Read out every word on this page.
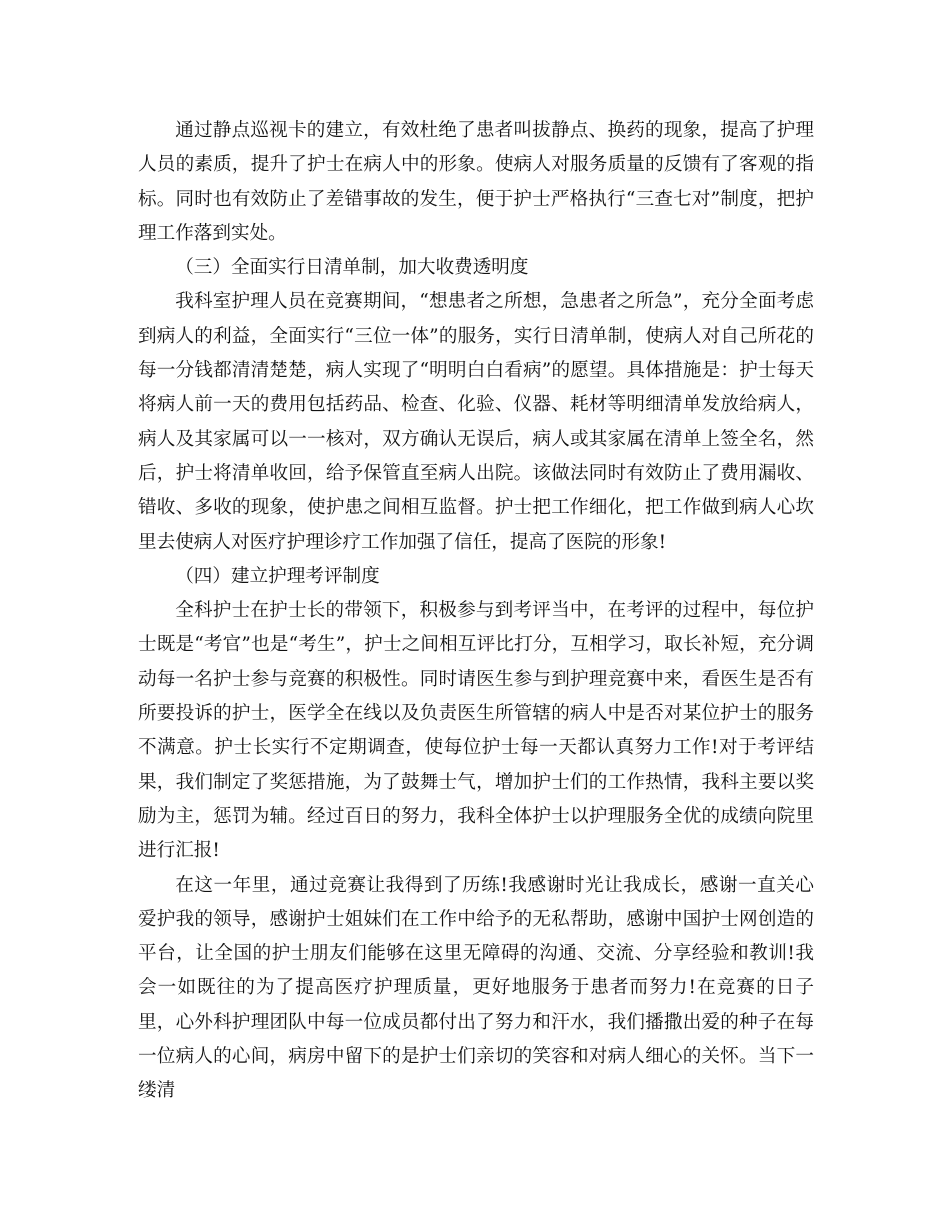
通过静点巡视卡的建立，有效杜绝了患者叫拔静点、换药的现象，提高了护理人员的素质，提升了护士在病人中的形象。使病人对服务质量的反馈有了客观的指标。同时也有效防止了差错事故的发生，便于护士严格执行“三查七对”制度，把护理工作落到实处。

（三）全面实行日清单制，加大收费透明度

我科室护理人员在竞赛期间，“想患者之所想，急患者之所急”，充分全面考虑到病人的利益，全面实行“三位一体”的服务，实行日清单制，使病人对自己所花的每一分钱都清清楚楚，病人实现了“明明白白看病”的愿望。具体措施是：护士每天将病人前一天的费用包括药品、检查、化验、仪器、耗材等明细清单发放给病人，病人及其家属可以一一核对，双方确认无误后，病人或其家属在清单上签全名，然后，护士将清单收回，给予保管直至病人出院。该做法同时有效防止了费用漏收、错收、多收的现象，使护患之间相互监督。护士把工作细化，把工作做到病人心坎里去使病人对医疗护理诊疗工作加强了信任，提高了医院的形象!

（四）建立护理考评制度

全科护士在护士长的带领下，积极参与到考评当中，在考评的过程中，每位护士既是“考官”也是“考生”，护士之间相互评比打分，互相学习，取长补短，充分调动每一名护士参与竞赛的积极性。同时请医生参与到护理竞赛中来，看医生是否有所要投诉的护士，医学全在线以及负责医生所管辖的病人中是否对某位护士的服务不满意。护士长实行不定期调查，使每位护士每一天都认真努力工作!对于考评结果，我们制定了奖惩措施，为了鼓舞士气，增加护士们的工作热情，我科主要以奖励为主，惩罚为辅。经过百日的努力，我科全体护士以护理服务全优的成绩向院里进行汇报!

在这一年里，通过竞赛让我得到了历练!我感谢时光让我成长，感谢一直关心爱护我的领导，感谢护士姐妹们在工作中给予的无私帮助，感谢中国护士网创造的平台，让全国的护士朋友们能够在这里无障碍的沟通、交流、分享经验和教训!我会一如既往的为了提高医疗护理质量，更好地服务于患者而努力!在竞赛的日子里，心外科护理团队中每一位成员都付出了努力和汗水，我们播撒出爱的种子在每一位病人的心间，病房中留下的是护士们亲切的笑容和对病人细心的关怀。当下一缕清
